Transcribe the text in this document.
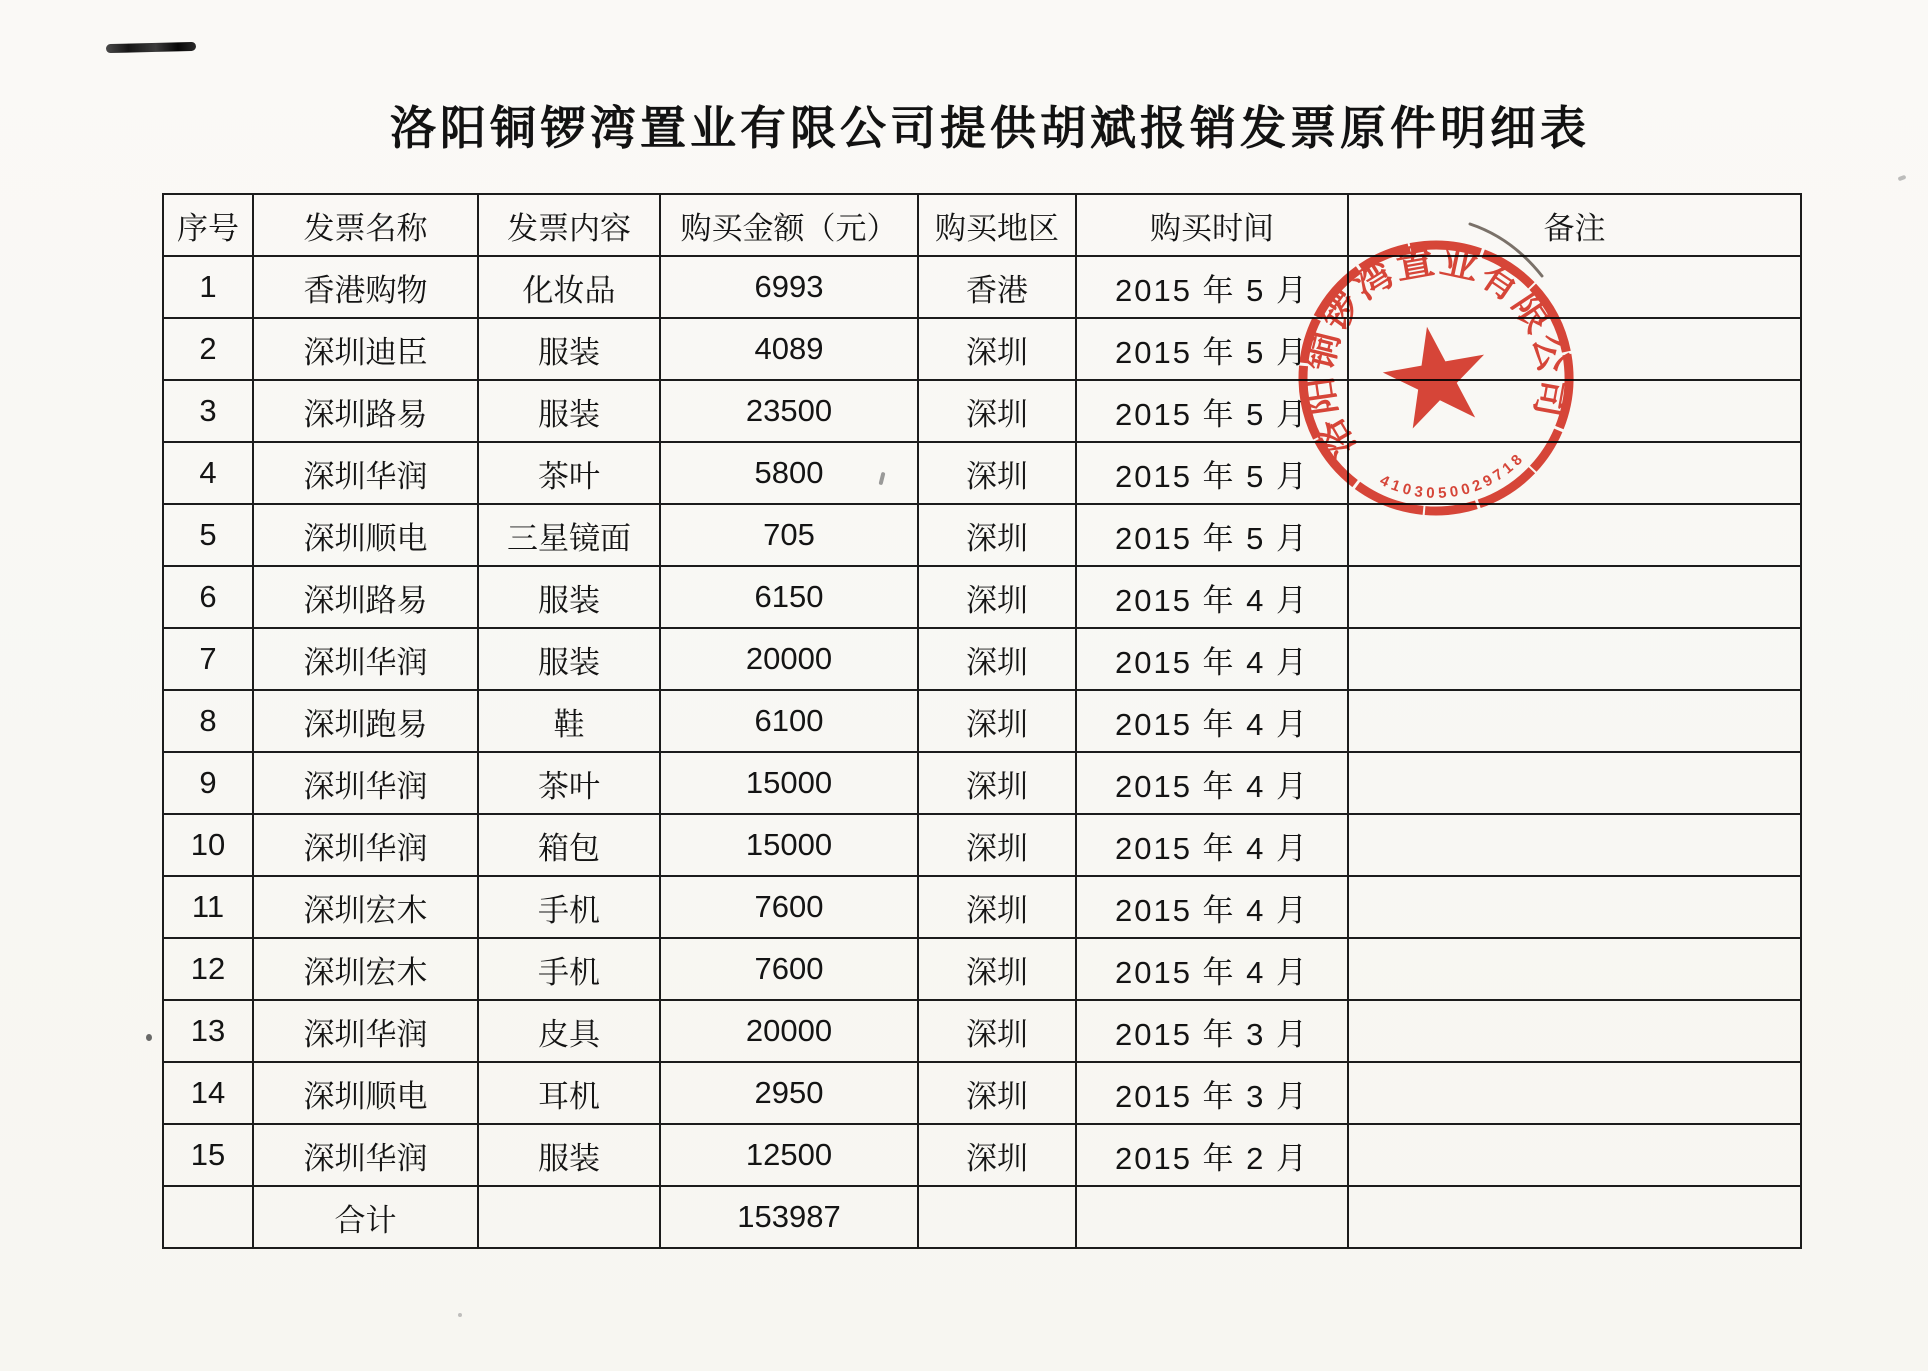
洛阳铜锣湾置业有限公司提供胡斌报销发票原件明细表
序号	发票名称	发票内容	购买金额（元）	购买地区	购买时间	备注
1	香港购物	化妆品	6993	香港	2015 年 5 月	
2	深圳迪臣	服装	4089	深圳	2015 年 5 月	
3	深圳路易	服装	23500	深圳	2015 年 5 月	
4	深圳华润	茶叶	5800	深圳	2015 年 5 月	
5	深圳顺电	三星镜面	705	深圳	2015 年 5 月	
6	深圳路易	服装	6150	深圳	2015 年 4 月	
7	深圳华润	服装	20000	深圳	2015 年 4 月	
8	深圳跑易	鞋	6100	深圳	2015 年 4 月	
9	深圳华润	茶叶	15000	深圳	2015 年 4 月	
10	深圳华润	箱包	15000	深圳	2015 年 4 月	
11	深圳宏木	手机	7600	深圳	2015 年 4 月	
12	深圳宏木	手机	7600	深圳	2015 年 4 月	
13	深圳华润	皮具	20000	深圳	2015 年 3 月	
14	深圳顺电	耳机	2950	深圳	2015 年 3 月	
15	深圳华润	服装	12500	深圳	2015 年 2 月	
	合计		153987			
洛阳铜锣湾置业有限公司
4103050029718
